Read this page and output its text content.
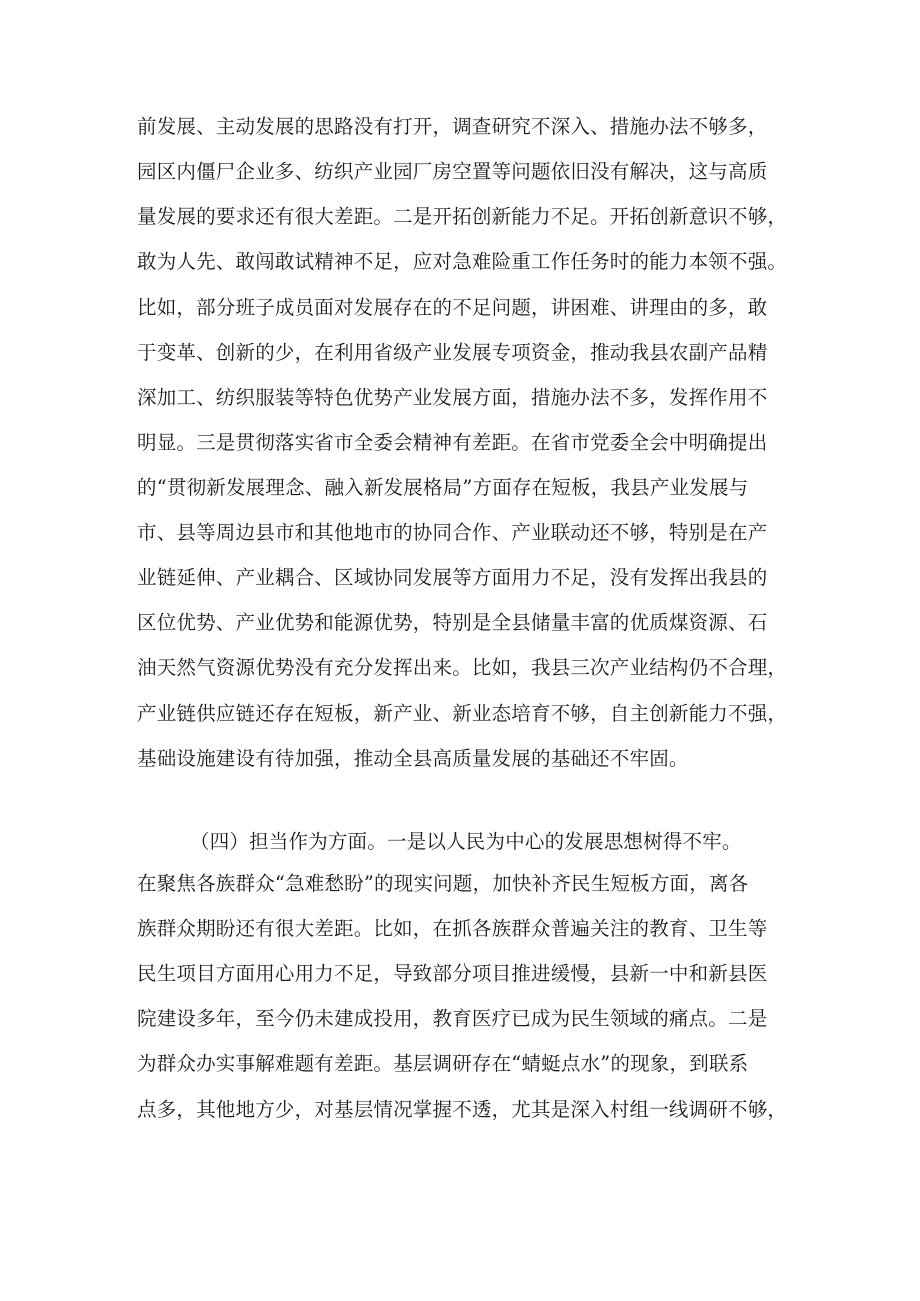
前发展、主动发展的思路没有打开，调查研究不深入、措施办法不够多，
园区内僵尸企业多、纺织产业园厂房空置等问题依旧没有解决，这与高质
量发展的要求还有很大差距。二是开拓创新能力不足。开拓创新意识不够，
敢为人先、敢闯敢试精神不足，应对急难险重工作任务时的能力本领不强。
比如，部分班子成员面对发展存在的不足问题，讲困难、讲理由的多，敢
于变革、创新的少，在利用省级产业发展专项资金，推动我县农副产品精
深加工、纺织服装等特色优势产业发展方面，措施办法不多，发挥作用不
明显。三是贯彻落实省市全委会精神有差距。在省市党委全会中明确提出
的“贯彻新发展理念、融入新发展格局”方面存在短板，我县产业发展与
市、县等周边县市和其他地市的协同合作、产业联动还不够，特别是在产
业链延伸、产业耦合、区域协同发展等方面用力不足，没有发挥出我县的
区位优势、产业优势和能源优势，特别是全县储量丰富的优质煤资源、石
油天然气资源优势没有充分发挥出来。比如，我县三次产业结构仍不合理，
产业链供应链还存在短板，新产业、新业态培育不够，自主创新能力不强，
基础设施建设有待加强，推动全县高质量发展的基础还不牢固。
（四）担当作为方面。一是以人民为中心的发展思想树得不牢。
在聚焦各族群众“急难愁盼”的现实问题，加快补齐民生短板方面，离各
族群众期盼还有很大差距。比如，在抓各族群众普遍关注的教育、卫生等
民生项目方面用心用力不足，导致部分项目推进缓慢，县新一中和新县医
院建设多年，至今仍未建成投用，教育医疗已成为民生领域的痛点。二是
为群众办实事解难题有差距。基层调研存在“蜻蜓点水”的现象，到联系
点多，其他地方少，对基层情况掌握不透，尤其是深入村组一线调研不够，
